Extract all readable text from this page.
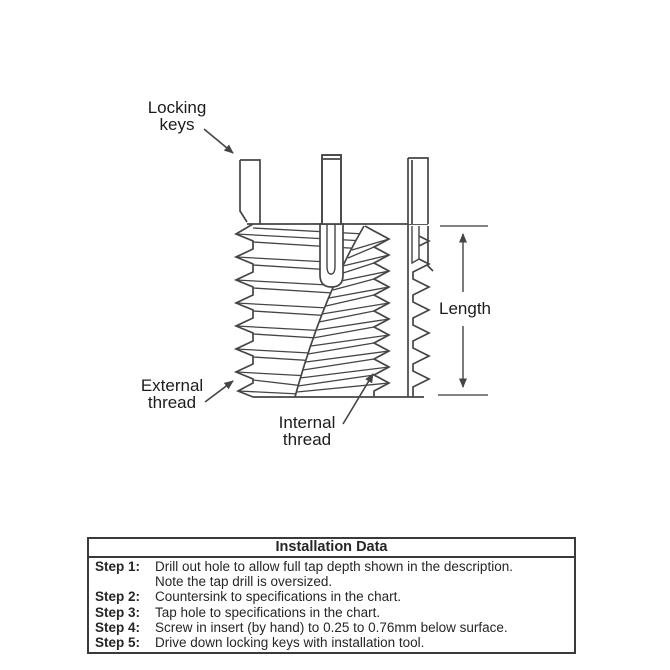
Locking
keys
Length
External
thread
Internal
thread
Installation Data
Step 1:	Drill out hole to allow full tap depth shown in the description.
Note the tap drill is oversized.
Step 2:	Countersink to specifications in the chart.
Step 3:	Tap hole to specifications in the chart.
Step 4:	Screw in insert (by hand) to 0.25 to 0.76mm below surface.
Step 5:	Drive down locking keys with installation tool.
